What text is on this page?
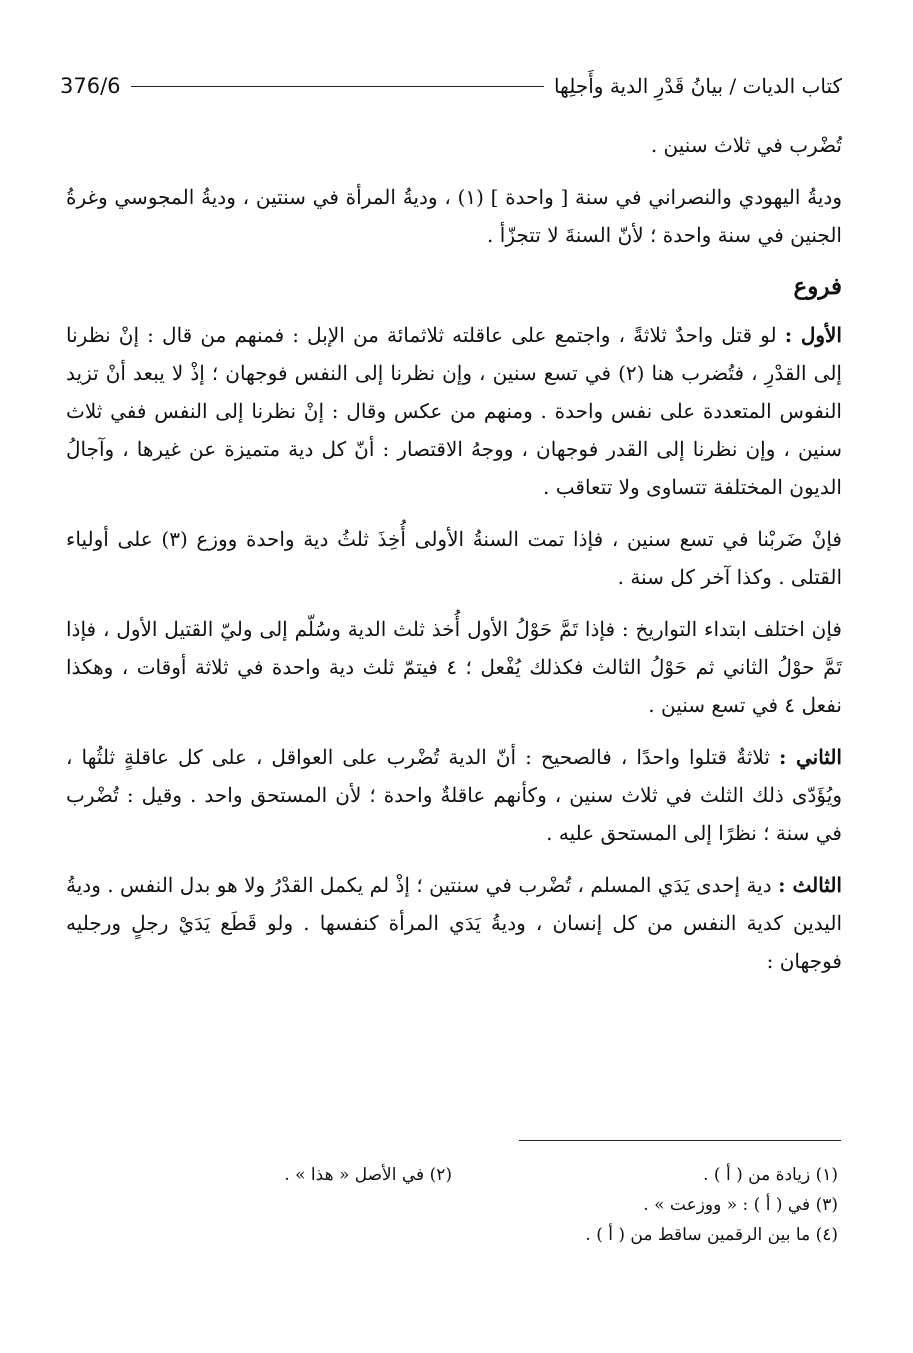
376/6	كتاب الديات / بيانُ قَدْرِ الدية وأَجلِها

تُضْرب في ثلاث سنين .

وديةُ اليهودي والنصراني في سنة [ واحدة ] (١) ، وديةُ المرأة في سنتين ، وديةُ المجوسي وغرةُ الجنين في سنة واحدة ؛ لأنّ السنةَ لا تتجزّأ .

فروع

الأول : لو قتل واحدٌ ثلاثةً ، واجتمع على عاقلته ثلاثمائة من الإبل : فمنهم من قال : إنْ نظرنا إلى القدْرِ ، فتُضرب هنا (٢) في تسع سنين ، وإن نظرنا إلى النفس فوجهان ؛ إذْ لا يبعد أنْ تزيد النفوس المتعددة على نفس واحدة . ومنهم من عكس وقال : إنْ نظرنا إلى النفس ففي ثلاث سنين ، وإن نظرنا إلى القدر فوجهان ، ووجهُ الاقتصار : أنّ كل دية متميزة عن غيرها ، وآجالُ الديون المختلفة تتساوى ولا تتعاقب .

فإنْ ضَربْنا في تسع سنين ، فإذا تمت السنةُ الأولى أُخِذَ ثلثُ دية واحدة ووزع (٣) على أولياء القتلى . وكذا آخر كل سنة .

فإن اختلف ابتداء التواريخ : فإذا تَمَّ حَوْلُ الأول أُخذ ثلث الدية وسُلّم إلى وليّ القتيل الأول ، فإذا تَمَّ حوْلُ الثاني ثم حَوْلُ الثالث فكذلك يُفْعل ؛ ٤ فيتمّ ثلث دية واحدة في ثلاثة أوقات ، وهكذا نفعل ٤ في تسع سنين .

الثاني : ثلاثةٌ قتلوا واحدًا ، فالصحيح : أنّ الدية تُضْرب على العواقل ، على كل عاقلةٍ ثلثُها ، ويُؤَدّى ذلك الثلث في ثلاث سنين ، وكأنهم عاقلةٌ واحدة ؛ لأن المستحق واحد . وقيل : تُضْرب في سنة ؛ نظرًا إلى المستحق عليه .

الثالث : دية إحدى يَدَي المسلم ، تُضْرب في سنتين ؛ إذْ لم يكمل القدْرُ ولا هو بدل النفس . وديةُ اليدين كدية النفس من كل إنسان ، وديةُ يَدَي المرأة كنفسها . ولو قَطَع يَدَيْ رجلٍ ورجليه فوجهان :

(١) زيادة من ( أ ) .
(٢) في الأصل « هذا » .
(٣) في ( أ ) : « ووزعت » .
(٤) ما بين الرقمين ساقط من ( أ ) .
